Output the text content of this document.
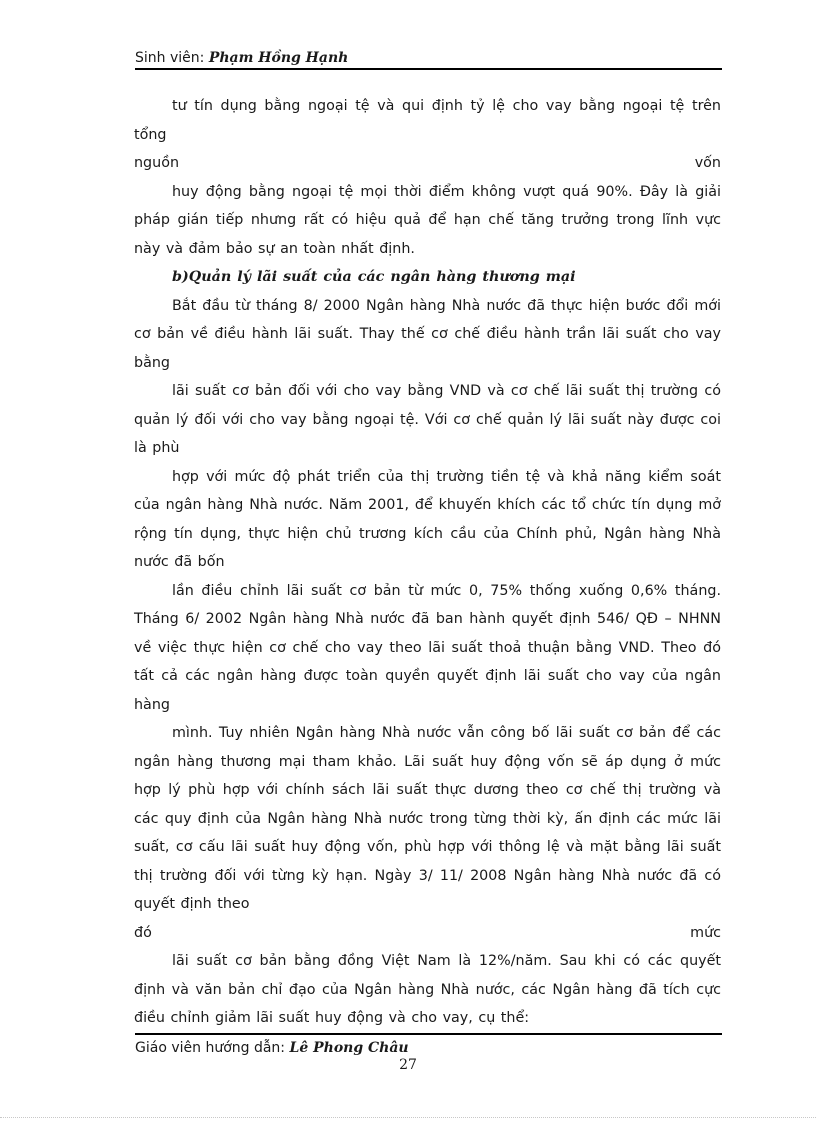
Sinh viên: Phạm Hồng Hạnh

tư tín dụng bằng ngoại tệ và qui định tỷ lệ cho vay bằng ngoại tệ trên tổng

nguồn	vốn

huy động bằng ngoại tệ mọi thời điểm không vượt quá 90%. Đây là giải pháp gián tiếp nhưng rất có hiệu quả để hạn chế tăng trưởng trong lĩnh vực này và đảm bảo sự an toàn nhất định.

b)Quản lý lãi suất của các ngân hàng thương mại

Bắt đầu từ tháng 8/ 2000 Ngân hàng Nhà nước đã thực hiện bước đổi mới cơ bản về điều hành lãi suất. Thay thế cơ chế điều hành trần lãi suất cho vay bằng

lãi suất cơ bản đối với cho vay bằng VND và cơ chế lãi suất thị trường có quản lý đối với cho vay bằng ngoại tệ. Với cơ chế quản lý lãi suất này được coi là phù

hợp với mức độ phát triển của thị trường tiền tệ và khả năng kiểm soát của ngân hàng Nhà nước. Năm 2001, để khuyến khích các tổ chức tín dụng mở rộng tín dụng, thực hiện chủ trương kích cầu của Chính phủ, Ngân hàng Nhà nước đã bốn

lần điều chỉnh lãi suất cơ bản từ mức 0, 75% thống xuống 0,6% tháng. Tháng 6/ 2002 Ngân hàng Nhà nước đã ban hành quyết định 546/ QĐ – NHNN về việc thực hiện cơ chế cho vay theo lãi suất thoả thuận bằng VND. Theo đó tất cả các ngân hàng được toàn quyền quyết định lãi suất cho vay của ngân hàng

mình. Tuy nhiên Ngân hàng Nhà nước vẫn công bố lãi suất cơ bản để các ngân hàng thương mại tham khảo. Lãi suất huy động vốn sẽ áp dụng ở mức hợp lý phù hợp với chính sách lãi suất thực dương theo cơ chế thị trường và các quy định của Ngân hàng Nhà nước trong từng thời kỳ, ấn định các mức lãi suất, cơ cấu lãi suất huy động vốn, phù hợp với thông lệ và mặt bằng lãi suất thị trường đối với từng kỳ hạn. Ngày 3/ 11/ 2008 Ngân hàng Nhà nước đã có quyết định theo

đó	mức

lãi suất cơ bản bằng đồng Việt Nam là 12%/năm. Sau khi có các quyết định và văn bản chỉ đạo của Ngân hàng Nhà nước, các Ngân hàng đã tích cực điều chỉnh giảm lãi suất huy động và cho vay, cụ thể:

Giáo viên hướng dẫn: Lê Phong Châu
27
